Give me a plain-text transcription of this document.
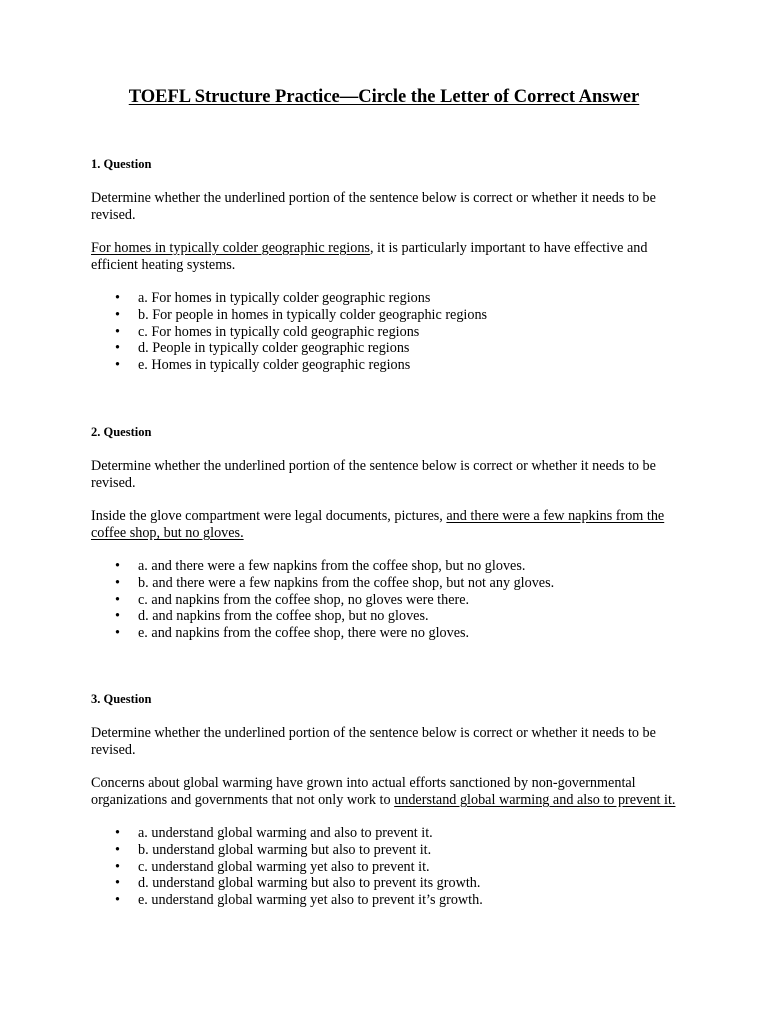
TOEFL Structure Practice—Circle the Letter of Correct Answer
1. Question
Determine whether the underlined portion of the sentence below is correct or whether it needs to be revised.
For homes in typically colder geographic regions, it is particularly important to have effective and efficient heating systems.
• a. For homes in typically colder geographic regions
• b. For people in homes in typically colder geographic regions
• c. For homes in typically cold geographic regions
• d. People in typically colder geographic regions
• e. Homes in typically colder geographic regions
2. Question
Determine whether the underlined portion of the sentence below is correct or whether it needs to be revised.
Inside the glove compartment were legal documents, pictures, and there were a few napkins from the coffee shop, but no gloves.
• a. and there were a few napkins from the coffee shop, but no gloves.
• b. and there were a few napkins from the coffee shop, but not any gloves.
• c. and napkins from the coffee shop, no gloves were there.
• d. and napkins from the coffee shop, but no gloves.
• e. and napkins from the coffee shop, there were no gloves.
3. Question
Determine whether the underlined portion of the sentence below is correct or whether it needs to be revised.
Concerns about global warming have grown into actual efforts sanctioned by non-governmental organizations and governments that not only work to understand global warming and also to prevent it.
• a. understand global warming and also to prevent it.
• b. understand global warming but also to prevent it.
• c. understand global warming yet also to prevent it.
• d. understand global warming but also to prevent its growth.
• e. understand global warming yet also to prevent it’s growth.
